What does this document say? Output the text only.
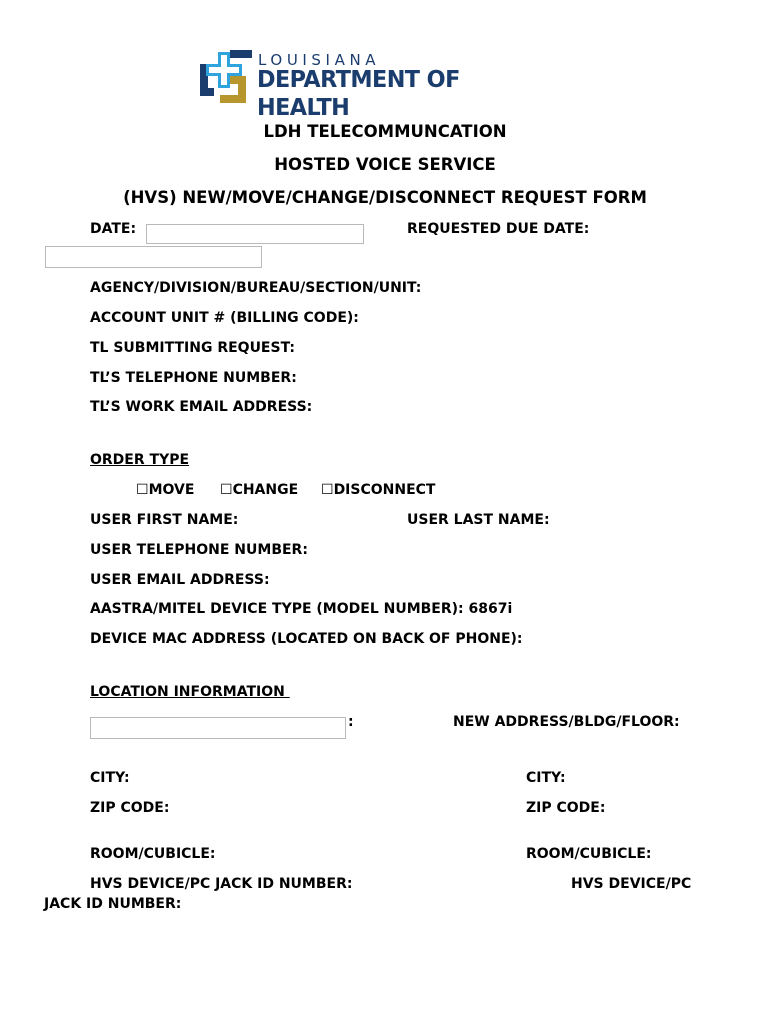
LOUISIANA
DEPARTMENT OF HEALTH
LDH TELECOMMUNCATION
HOSTED VOICE SERVICE
(HVS) NEW/MOVE/CHANGE/DISCONNECT REQUEST FORM
DATE:	REQUESTED DUE DATE:
AGENCY/DIVISION/BUREAU/SECTION/UNIT:
ACCOUNT UNIT # (BILLING CODE):
TL SUBMITTING REQUEST:
TL’S TELEPHONE NUMBER:
TL’S WORK EMAIL ADDRESS:
ORDER TYPE
☐MOVE ☐CHANGE ☐DISCONNECT
USER FIRST NAME:	USER LAST NAME:
USER TELEPHONE NUMBER:
USER EMAIL ADDRESS:
AASTRA/MITEL DEVICE TYPE (MODEL NUMBER): 6867i
DEVICE MAC ADDRESS (LOCATED ON BACK OF PHONE):
LOCATION INFORMATION
:	NEW ADDRESS/BLDG/FLOOR:
CITY:	CITY:
ZIP CODE:	ZIP CODE:
ROOM/CUBICLE:	ROOM/CUBICLE:
HVS DEVICE/PC JACK ID NUMBER:	HVS DEVICE/PC
JACK ID NUMBER:
